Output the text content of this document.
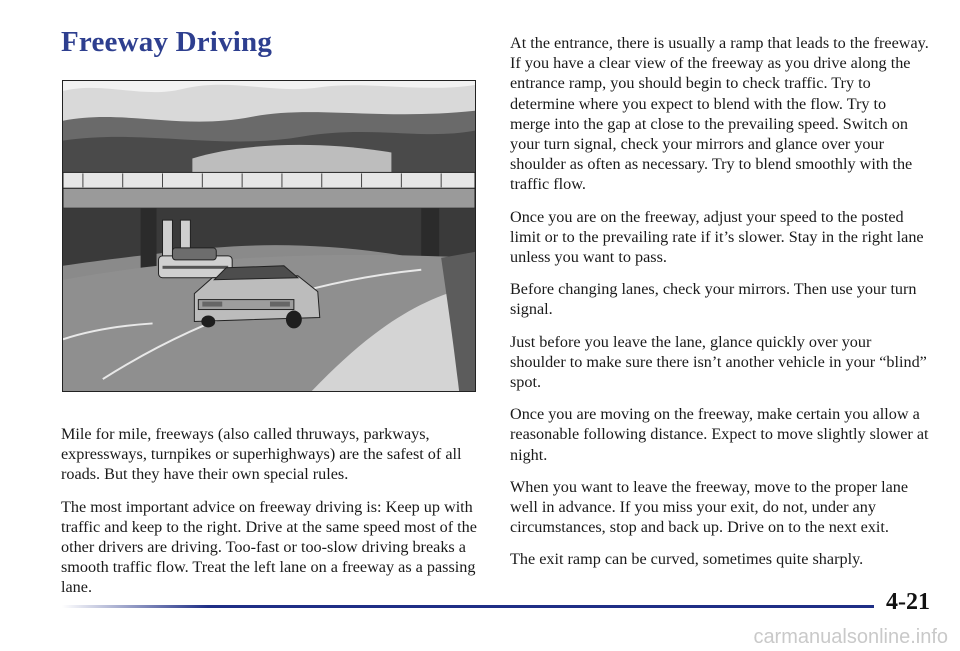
Freeway Driving

Mile for mile, freeways (also called thruways, parkways, expressways, turnpikes or superhighways) are the safest of all roads. But they have their own special rules.

The most important advice on freeway driving is: Keep up with traffic and keep to the right. Drive at the same speed most of the other drivers are driving. Too-fast or too-slow driving breaks a smooth traffic flow. Treat the left lane on a freeway as a passing lane.

At the entrance, there is usually a ramp that leads to the freeway. If you have a clear view of the freeway as you drive along the entrance ramp, you should begin to check traffic. Try to determine where you expect to blend with the flow. Try to merge into the gap at close to the prevailing speed. Switch on your turn signal, check your mirrors and glance over your shoulder as often as necessary. Try to blend smoothly with the traffic flow.

Once you are on the freeway, adjust your speed to the posted limit or to the prevailing rate if it’s slower. Stay in the right lane unless you want to pass.

Before changing lanes, check your mirrors. Then use your turn signal.

Just before you leave the lane, glance quickly over your shoulder to make sure there isn’t another vehicle in your “blind” spot.

Once you are moving on the freeway, make certain you allow a reasonable following distance. Expect to move slightly slower at night.

When you want to leave the freeway, move to the proper lane well in advance. If you miss your exit, do not, under any circumstances, stop and back up. Drive on to the next exit.

The exit ramp can be curved, sometimes quite sharply.

4-21

carmanualsonline.info
